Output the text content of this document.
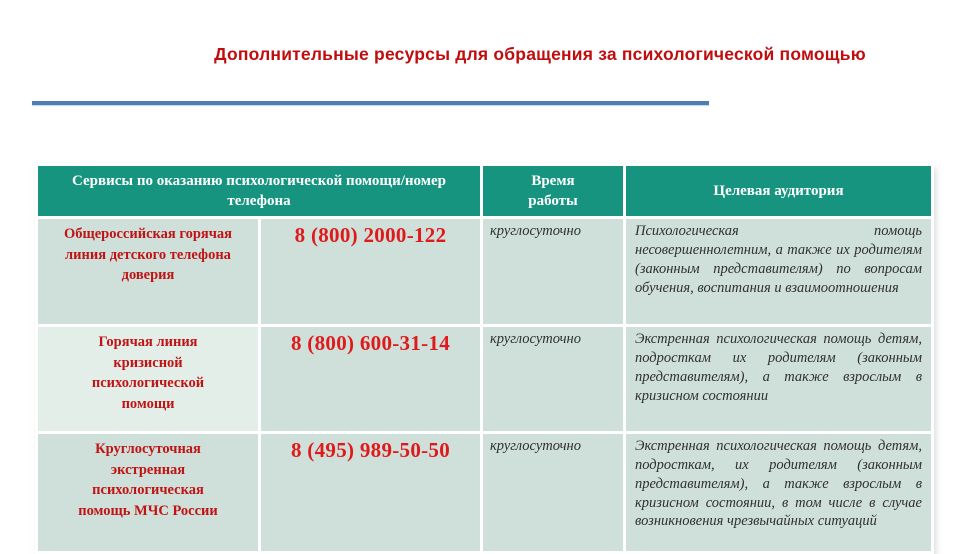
Дополнительные ресурсы для обращения за психологической помощью
Сервисы по оказанию психологической помощи/номер телефона		Время работы	Целевая аудитория
Общероссийская горячая линия детского телефона доверия	8 (800) 2000-122	круглосуточно	Психологическая помощь несовершеннолетним, а также их родителям (законным представителям) по вопросам обучения, воспитания и взаимоотношения
Горячая линия кризисной психологической помощи	8 (800) 600-31-14	круглосуточно	Экстренная психологическая помощь детям, подросткам их родителям (законным представителям), а также взрослым в кризисном состоянии
Круглосуточная экстренная психологическая помощь МЧС России	8 (495) 989-50-50	круглосуточно	Экстренная психологическая помощь детям, подросткам, их родителям (законным представителям), а также взрослым в кризисном состоянии, в том числе в случае возникновения чрезвычайных ситуаций
